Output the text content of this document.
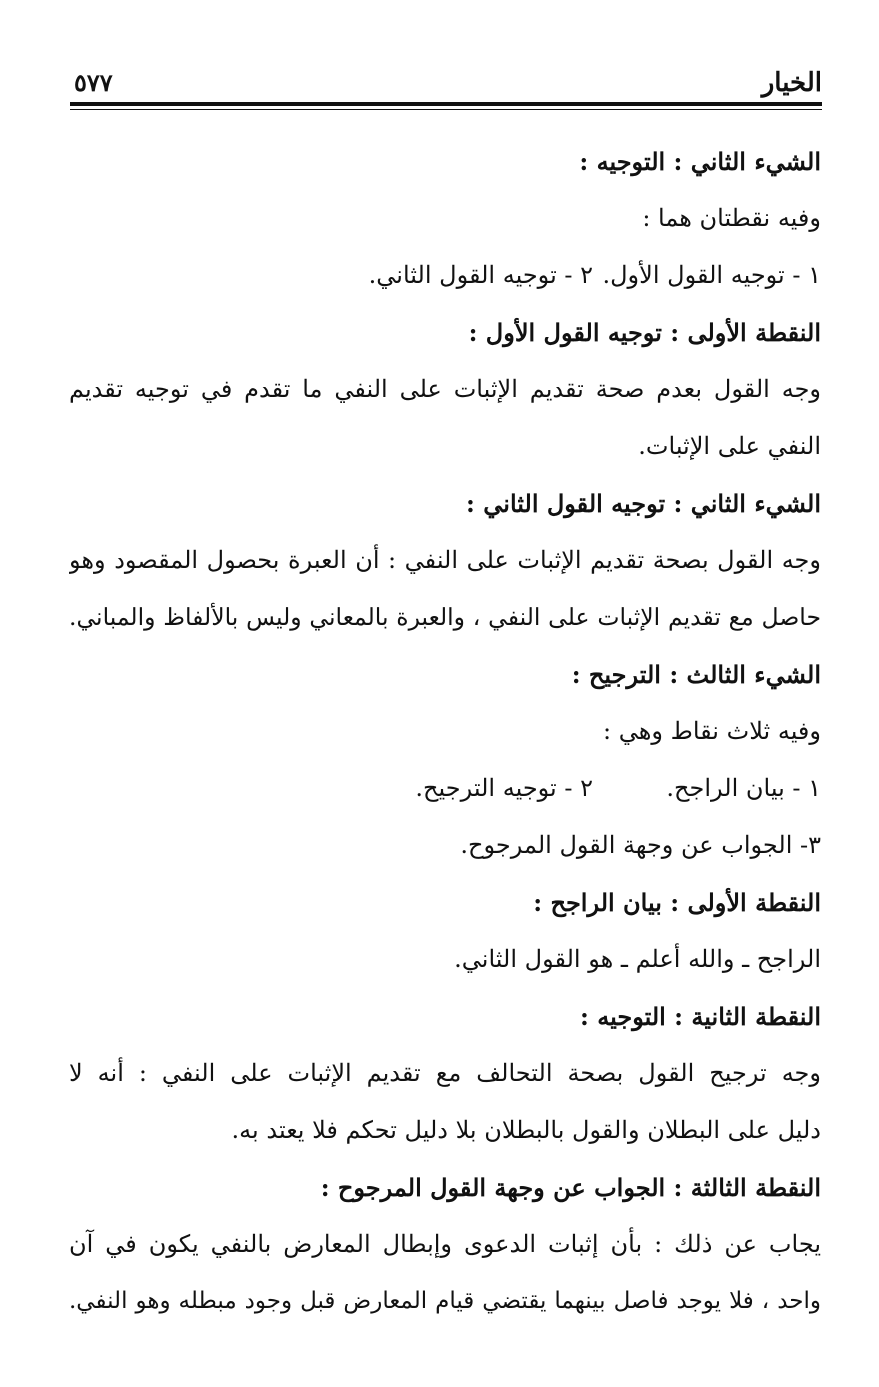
الخيار
٥٧٧
الشيء الثاني : التوجيه :
وفيه نقطتان هما :
١ - توجيه القول الأول.
٢ - توجيه القول الثاني.
النقطة الأولى : توجيه القول الأول :
وجه القول بعدم صحة تقديم الإثبات على النفي ما تقدم في توجيه تقديم
النفي على الإثبات.
الشيء الثاني : توجيه القول الثاني :
وجه القول بصحة تقديم الإثبات على النفي : أن العبرة بحصول المقصود وهو
حاصل مع تقديم الإثبات على النفي ، والعبرة بالمعاني وليس بالألفاظ والمباني.
الشيء الثالث : الترجيح :
وفيه ثلاث نقاط وهي :
١ - بيان الراجح.
٢ - توجيه الترجيح.
٣- الجواب عن وجهة القول المرجوح.
النقطة الأولى : بيان الراجح :
الراجح ـ والله أعلم ـ هو القول الثاني.
النقطة الثانية : التوجيه :
وجه ترجيح القول بصحة التحالف مع تقديم الإثبات على النفي : أنه لا
دليل على البطلان والقول بالبطلان بلا دليل تحكم فلا يعتد به.
النقطة الثالثة : الجواب عن وجهة القول المرجوح :
يجاب عن ذلك : بأن إثبات الدعوى وإبطال المعارض بالنفي يكون في آن
واحد ، فلا يوجد فاصل بينهما يقتضي قيام المعارض قبل وجود مبطله وهو النفي.
